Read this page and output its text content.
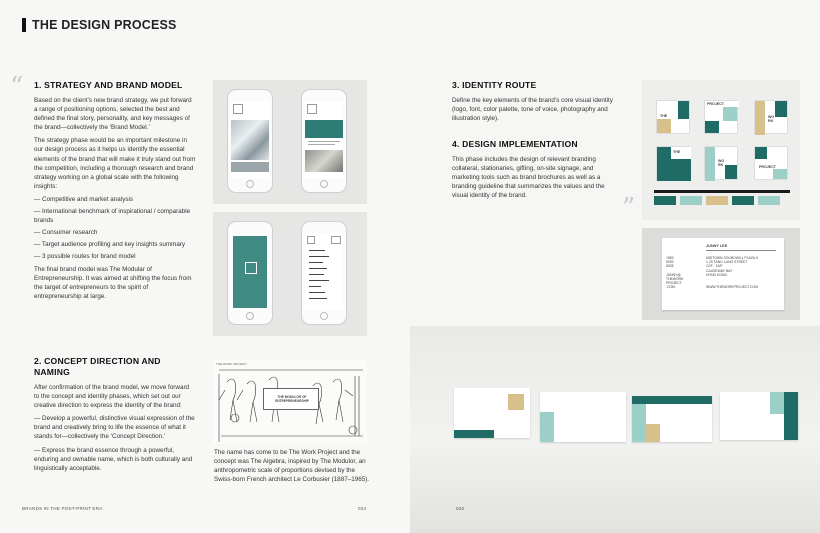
THE DESIGN PROCESS
“ 1. STRATEGY AND BRAND MODEL

Based on the client’s new brand strategy, we put forward a range of positioning options, selected the best and defined the final story, personality, and key messages of the brand—collectively the ‘Brand Model.’

The strategy phase would be an important milestone in our design process as it helps us identify the essential elements of the brand that will make it truly stand out from the competition, including a thorough research and brand strategy working on a global scale with the following insights:

— Competitive and market analysis

— International benchmark of inspirational / comparable brands

— Consumer research

— Target audience profiling and key insights summary

— 3 possible routes for brand model

The final brand model was The Modular of Entrepreneurship. It was aimed at shifting the focus from the target of entrepreneurs to the spirit of entrepreneurship at large.

2. CONCEPT DIRECTION AND NAMING

After confirmation of the brand model, we move forward to the concept and identity phases, which set out our creative direction to express the identity of the brand:

— Develop a powerful, distinctive visual expression of the brand and creatively bring to life the essence of what it stands for—collectively the ‘Concept Direction.’

— Express the brand essence through a powerful, enduring and ownable name, which is both culturally and linguistically acceptable.

THE WORK PROJECT
THE MODULOR OF ENTREPRENEURSHIP
The name has come to be The Work Project and the concept was The Algebra, inspired by The Modulor, an anthropometric scale of proportions devised by the Swiss-born French architect Le Corbusier (1887–1965).
BRANDS IN THE POST-PRINT ERA	024
3. IDENTITY ROUTE

Define the key elements of the brand’s core visual identity (logo, font, color palette, tone of voice, photography and illustration style).

4. DESIGN IMPLEMENTATION

This phase includes the design of relevant branding collateral, stationaries, gifting, on-site signage, and marketing tools such as brand brochures as well as a branding guideline that summarizes the values and the visual identity of the brand.

THE
PROJECT
WO
RK
THE
WO
RK	PROJECT
”
JUNNY LEE
+852	MIDTOWN SOUNDWILL PLAZA II
9253	1-29 TANG LUNG STREET
8305	12/F · 16/F
CAUSEWAY BAY
JUNNY@	HONG KONG
THEWORK
PROJECT
.COM	WWW.THEWORKPROJECT.COM
025
